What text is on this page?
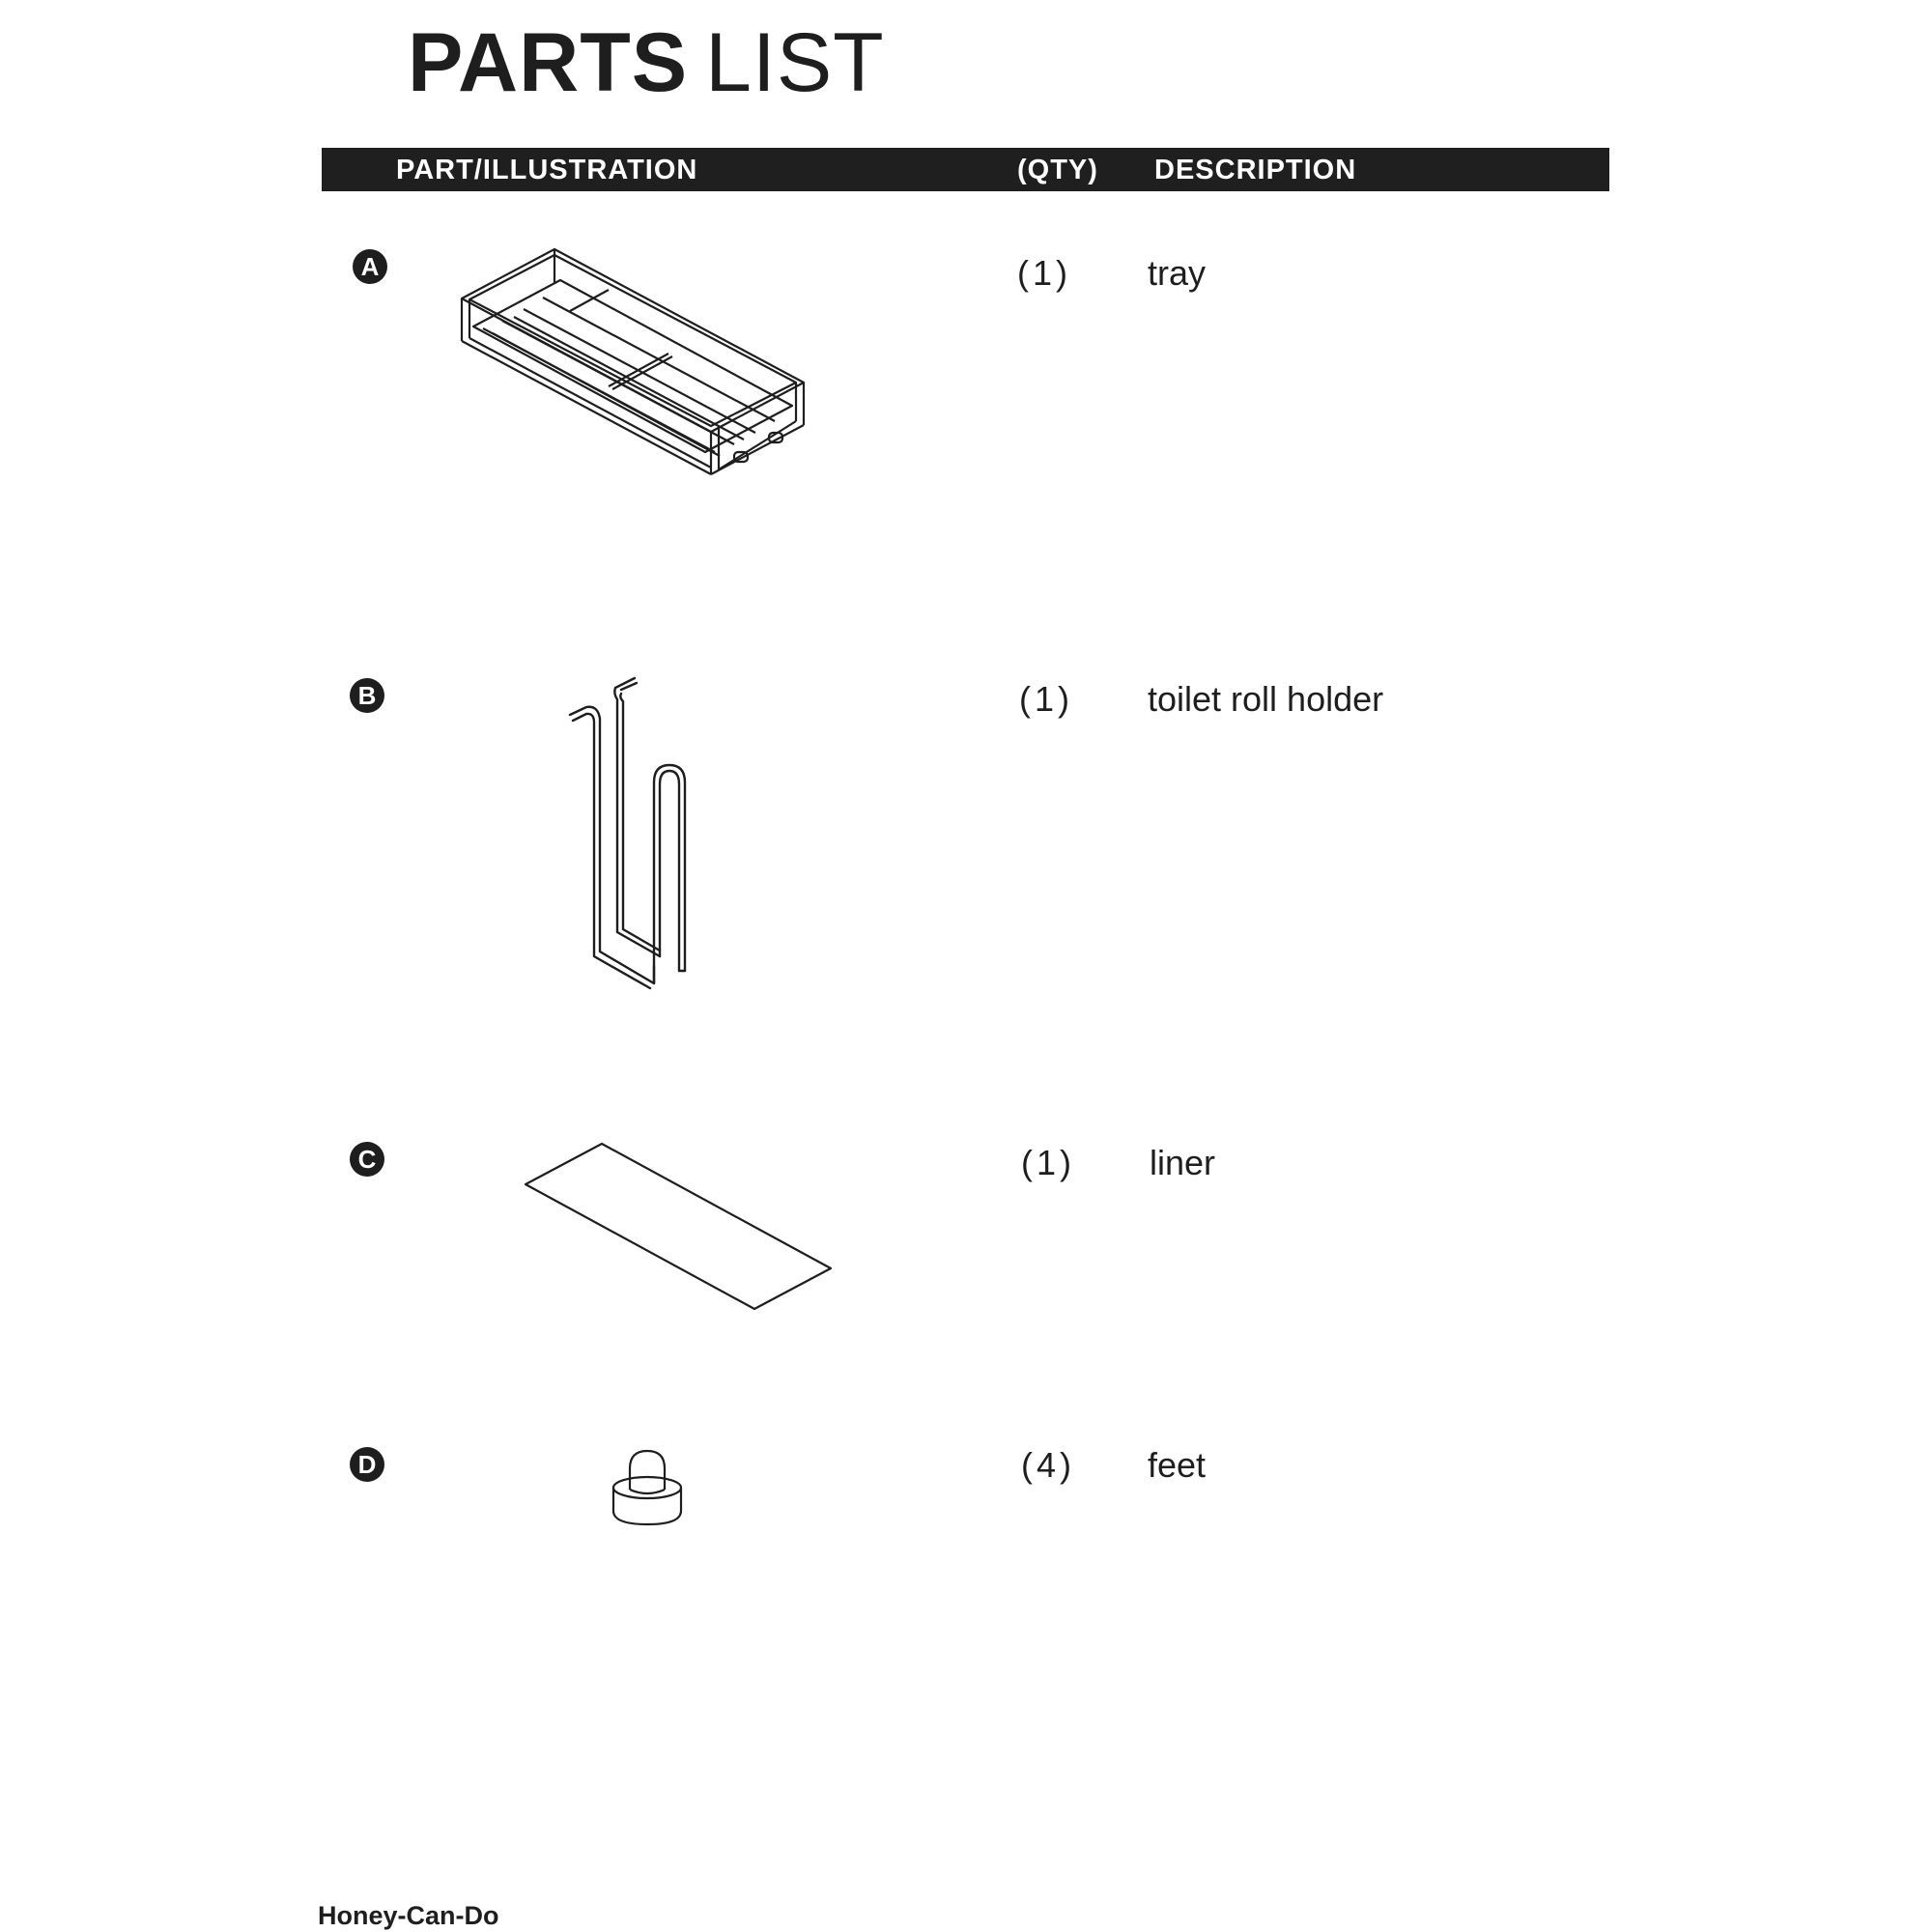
PARTS LIST
PART/ILLUSTRATION	(QTY) DESCRIPTION
A	(1) tray
B	(1) toilet roll holder
C	(1) liner
D	(4) feet
Honey-Can-Do
